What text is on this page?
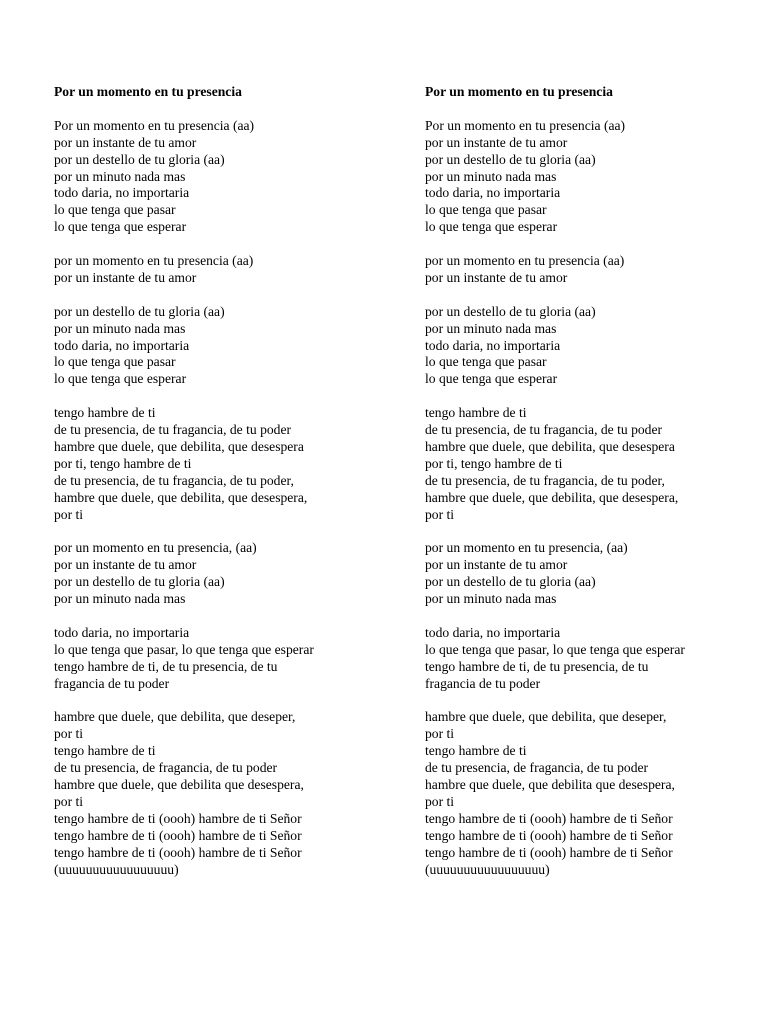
Por un momento en tu presencia
Por un momento en tu presencia (aa)
por un instante de tu amor
por un destello de tu gloria (aa)
por un minuto nada mas
todo daria, no importaria
lo que tenga que pasar
lo que tenga que esperar
por un momento en tu presencia (aa)
por un instante de tu amor
por un destello de tu gloria (aa)
por un minuto nada mas
todo daria, no importaria
lo que tenga que pasar
lo que tenga que esperar
tengo hambre de ti
de tu presencia, de tu fragancia, de tu poder
hambre que duele, que debilita, que desespera
por ti, tengo hambre de ti
de tu presencia, de tu fragancia, de tu poder,
hambre que duele, que debilita, que desespera,
por ti
por un momento en tu presencia, (aa)
por un instante de tu amor
por un destello de tu gloria (aa)
por un minuto nada mas
todo daria, no importaria
lo que tenga que pasar, lo que tenga que esperar
tengo hambre de ti, de tu presencia, de tu
fragancia de tu poder
hambre que duele, que debilita, que deseper,
por ti
tengo hambre de ti
de tu presencia, de fragancia, de tu poder
hambre que duele, que debilita que desespera,
por ti
tengo hambre de ti (oooh) hambre de ti Señor
tengo hambre de ti (oooh) hambre de ti Señor
tengo hambre de ti (oooh) hambre de ti Señor
(uuuuuuuuuuuuuuuuu)
Por un momento en tu presencia
Por un momento en tu presencia (aa)
por un instante de tu amor
por un destello de tu gloria (aa)
por un minuto nada mas
todo daria, no importaria
lo que tenga que pasar
lo que tenga que esperar
por un momento en tu presencia (aa)
por un instante de tu amor
por un destello de tu gloria (aa)
por un minuto nada mas
todo daria, no importaria
lo que tenga que pasar
lo que tenga que esperar
tengo hambre de ti
de tu presencia, de tu fragancia, de tu poder
hambre que duele, que debilita, que desespera
por ti, tengo hambre de ti
de tu presencia, de tu fragancia, de tu poder,
hambre que duele, que debilita, que desespera,
por ti
por un momento en tu presencia, (aa)
por un instante de tu amor
por un destello de tu gloria (aa)
por un minuto nada mas
todo daria, no importaria
lo que tenga que pasar, lo que tenga que esperar
tengo hambre de ti, de tu presencia, de tu
fragancia de tu poder
hambre que duele, que debilita, que deseper,
por ti
tengo hambre de ti
de tu presencia, de fragancia, de tu poder
hambre que duele, que debilita que desespera,
por ti
tengo hambre de ti (oooh) hambre de ti Señor
tengo hambre de ti (oooh) hambre de ti Señor
tengo hambre de ti (oooh) hambre de ti Señor
(uuuuuuuuuuuuuuuuu)
